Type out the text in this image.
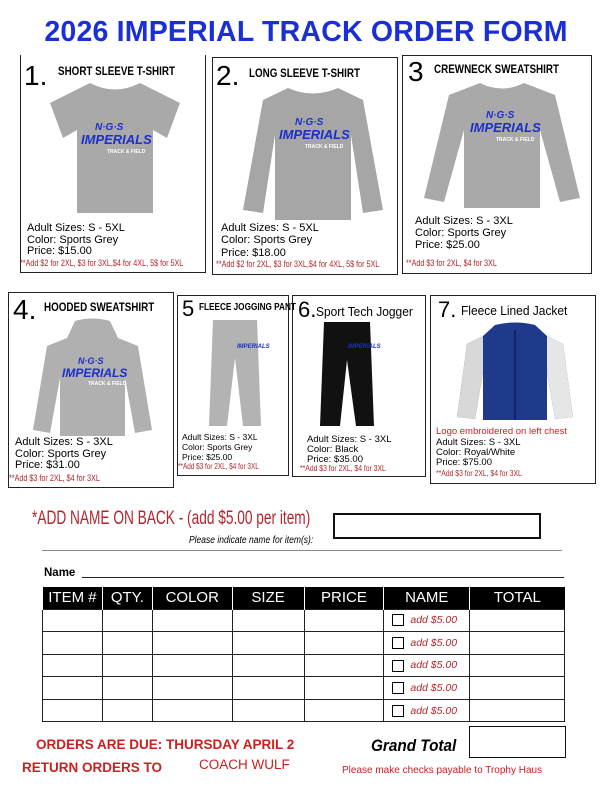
2026 IMPERIAL TRACK ORDER FORM
1. SHORT SLEEVE T-SHIRT 2. LONG SLEEVE T-SHIRT 3 CREWNECK SWEATSHIRT
4. HOODED SWEATSHIRT 5 FLEECE JOGGING PANT 6. Sport Tech Jogger 7. Fleece Lined Jacket
N·G·S
IMPERIALS
TRACK & FIELD
N·G·S
IMPERIALS
TRACK & FIELD
N·G·S
IMPERIALS
TRACK & FIELD
N·G·S
IMPERIALS
TRACK & FIELD
IMPERIALS	IMPERIALS
Adult Sizes: S - 5XL
Color: Sports Grey
Price: $15.00
**Add $2 for 2XL, $3 for 3XL,$4 for 4XL, 5$ for 5XL
Adult Sizes: S - 5XL
Color: Sports Grey
Price: $18.00
**Add $2 for 2XL, $3 for 3XL,$4 for 4XL, 5$ for 5XL
Adult Sizes: S - 3XL
Color: Sports Grey
Price: $25.00
**Add $3 for 2XL, $4 for 3XL
Adult Sizes: S - 3XL
Color: Sports Grey
Price: $31.00
**Add $3 for 2XL, $4 for 3XL
Adult Sizes: S - 3XL
Color: Sports Grey
Price: $25.00
**Add $3 for 2XL, $4 for 3XL
Adult Sizes: S - 3XL
Color: Black
Price: $35.00
**Add $3 for 2XL, $4 for 3XL
Logo embroidered on left chest
Adult Sizes: S - 3XL
Color: Royal/White
Price: $75.00
**Add $3 for 2XL, $4 for 3XL
*ADD NAME ON BACK - (add $5.00 per item)
Please indicate name for item(s):
Name
ITEM #	QTY.	COLOR	SIZE	PRICE	NAME	TOTAL
					add $5.00	
					add $5.00	
					add $5.00	
					add $5.00	
					add $5.00	
ORDERS ARE DUE: THURSDAY APRIL 2
RETURN ORDERS TO	COACH WULF
Grand Total
Please make checks payable to Trophy Haus
